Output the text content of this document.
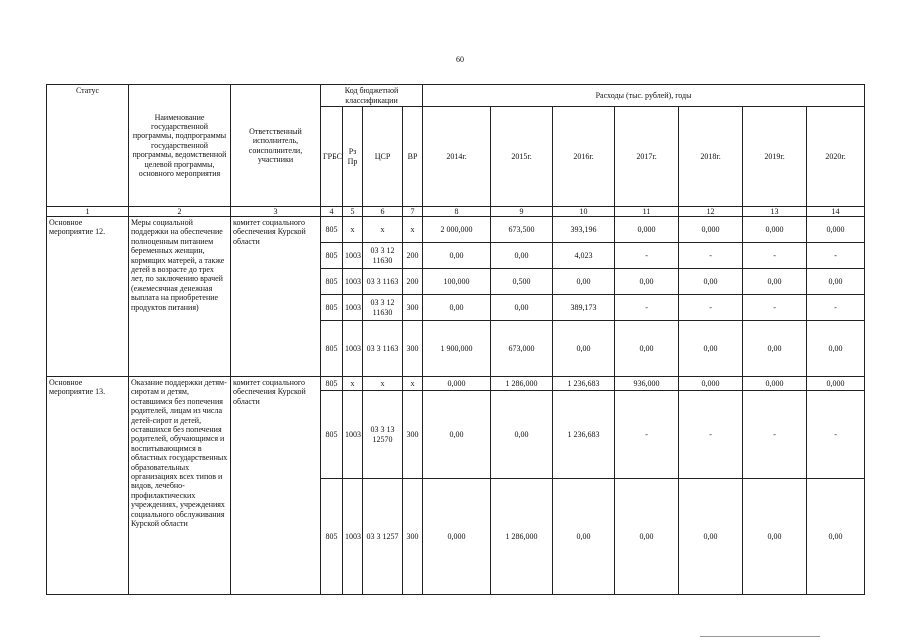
60
Статус	Наименование государственной программы, подпрограммы государственной программы, ведомственной целевой программы, основного мероприятия	Ответственный исполнитель, соисполнители, участники	Код бюджетной классификации				Расходы (тыс. рублей), годы						
			ГРБС	Рз Пр	ЦСР	ВР	2014г.	2015г.	2016г.	2017г.	2018г.	2019г.	2020г.
1	2	3	4	5	6	7	8	9	10	11	12	13	14
Основное мероприятие 12.	Меры социальной поддержки на обеспечение полноценным питанием беременных женщин, кормящих матерей, а также детей в возрасте до трех лет, по заключению врачей (ежемесячная денежная выплата на приобретение продуктов питания)	комитет социального обеспечения Курской области	805	х	х	х	2 000,000	673,500	393,196	0,000	0,000	0,000	0,000
			805	1003	03 3 12 11630	200	0,00	0,00	4,023	-	-	-	-
			805	1003	03 3 1163	200	100,000	0,500	0,00	0,00	0,00	0,00	0,00
			805	1003	03 3 12 11630	300	0,00	0,00	389,173	-	-	-	-
			805	1003	03 3 1163	300	1 900,000	673,000	0,00	0,00	0,00	0,00	0,00
Основное мероприятие 13.	Оказание поддержки детям-сиротам и детям, оставшимся без попечения родителей, лицам из числа детей-сирот и детей, оставшихся без попечения родителей, обучающимся и воспитывающимся в областных государственных образовательных организациях всех типов и видов, лечебно-профилактических учреждениях, учреждениях социального обслуживания Курской области	комитет социального обеспечения Курской области	805	х	х	х	0,000	1 286,000	1 236,683	936,000	0,000	0,000	0,000
			805	1003	03 3 13 12570	300	0,00	0,00	1 236,683	-	-	-	-
			805	1003	03 3 1257	300	0,000	1 286,000	0,00	0,00	0,00	0,00	0,00
